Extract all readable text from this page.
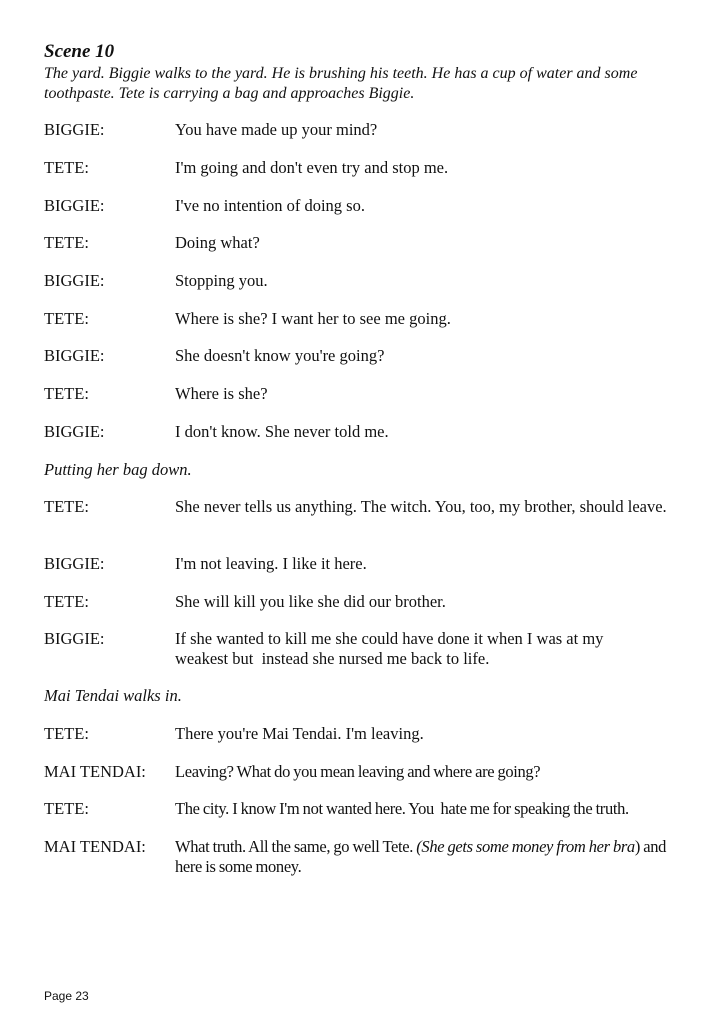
Scene 10

The yard. Biggie walks to the yard. He is brushing his teeth. He has a cup of water and some toothpaste. Tete is carrying a bag and approaches Biggie.

BIGGIE:	You have made up your mind?
TETE:	I'm going and don't even try and stop me.
BIGGIE:	I've no intention of doing so.
TETE:	Doing what?
BIGGIE:	Stopping you.
TETE:	Where is she? I want her to see me going.
BIGGIE:	She doesn't know you're going?
TETE:	Where is she?
BIGGIE:	I don't know. She never told me.
Putting her bag down.
TETE:	She never tells us anything. The witch. You, too, my brother, should leave.
BIGGIE:	I'm not leaving. I like it here.
TETE:	She will kill you like she did our brother.
BIGGIE:	If she wanted to kill me she could have done it when I was at my weakest but  instead she nursed me back to life.
Mai Tendai walks in.
TETE:	There you're Mai Tendai. I'm leaving.
MAI TENDAI:	Leaving? What do you mean leaving and where are going?
TETE:	The city. I know I'm not wanted here. You  hate me for speaking the truth.
MAI TENDAI:	What truth. All the same, go well Tete. (She gets some money from her bra) and here is some money.
Page 23
